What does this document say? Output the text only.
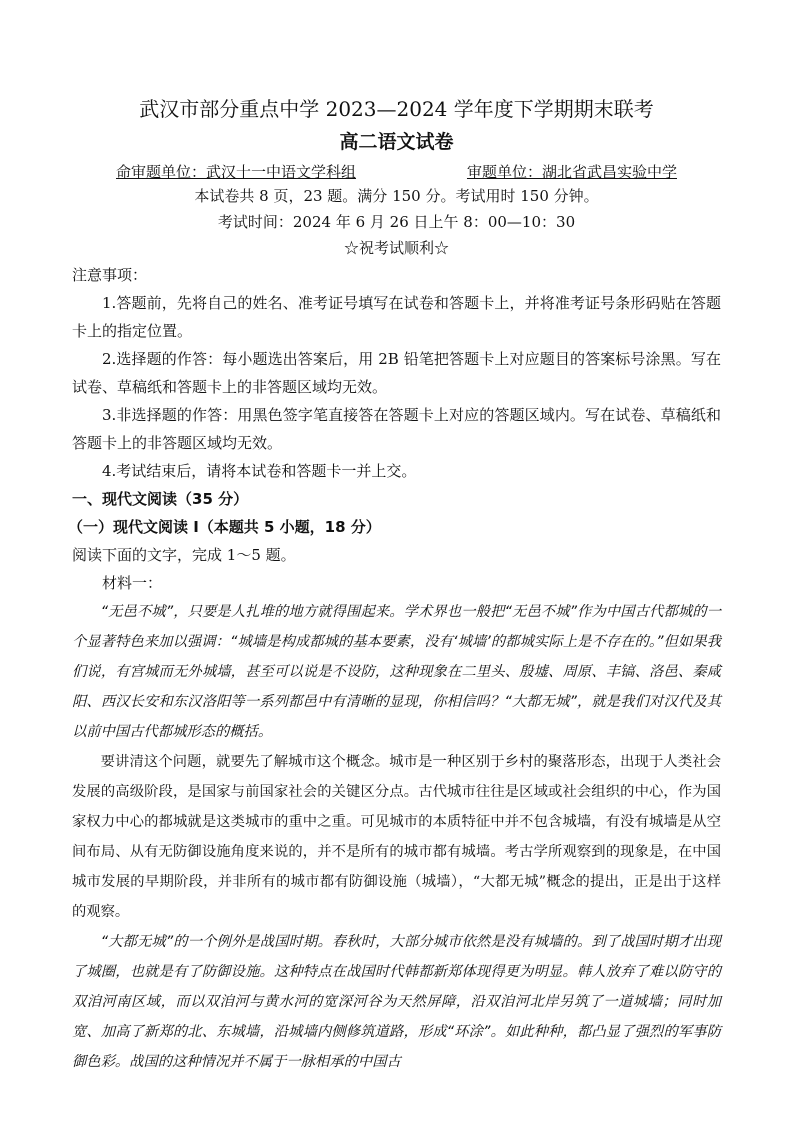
武汉市部分重点中学 2023—2024 学年度下学期期末联考

高二语文试卷

命审题单位：武汉十一中语文学科组	审题单位：湖北省武昌实验中学
本试卷共 8 页，23 题。满分 150 分。考试用时 150 分钟。
考试时间：2024 年 6 月 26 日上午 8：00—10：30
☆祝考试顺利☆

注意事项：

1.答题前，先将自己的姓名、准考证号填写在试卷和答题卡上，并将准考证号条形码贴在答题卡上的指定位置。

2.选择题的作答：每小题选出答案后，用 2B 铅笔把答题卡上对应题目的答案标号涂黑。写在试卷、草稿纸和答题卡上的非答题区域均无效。

3.非选择题的作答：用黑色签字笔直接答在答题卡上对应的答题区域内。写在试卷、草稿纸和答题卡上的非答题区域均无效。

4.考试结束后，请将本试卷和答题卡一并上交。

一、现代文阅读（35 分）

（一）现代文阅读 I（本题共 5 小题，18 分）

阅读下面的文字，完成 1～5 题。

材料一：

“无邑不城”，只要是人扎堆的地方就得围起来。学术界也一般把“无邑不城”作为中国古代都城的一个显著特色来加以强调：“城墙是构成都城的基本要素，没有‘城墙’的都城实际上是不存在的。”但如果我们说，有宫城而无外城墙，甚至可以说是不设防，这种现象在二里头、殷墟、周原、丰镐、洛邑、秦咸阳、西汉长安和东汉洛阳等一系列都邑中有清晰的显现，你相信吗？“大都无城”，就是我们对汉代及其以前中国古代都城形态的概括。

要讲清这个问题，就要先了解城市这个概念。城市是一种区别于乡村的聚落形态，出现于人类社会发展的高级阶段，是国家与前国家社会的关键区分点。古代城市往往是区域或社会组织的中心，作为国家权力中心的都城就是这类城市的重中之重。可见城市的本质特征中并不包含城墙，有没有城墙是从空间布局、从有无防御设施角度来说的，并不是所有的城市都有城墙。考古学所观察到的现象是，在中国城市发展的早期阶段，并非所有的城市都有防御设施（城墙），“大都无城”概念的提出，正是出于这样的观察。

“大都无城”的一个例外是战国时期。春秋时，大部分城市依然是没有城墙的。到了战国时期才出现了城圈，也就是有了防御设施。这种特点在战国时代韩都新郑体现得更为明显。韩人放弃了难以防守的双洎河南区域，而以双洎河与黄水河的宽深河谷为天然屏障，沿双洎河北岸另筑了一道城墙；同时加宽、加高了新郑的北、东城墙，沿城墙内侧修筑道路，形成“环涂”。如此种种，都凸显了强烈的军事防御色彩。战国的这种情况并不属于一脉相承的中国古
